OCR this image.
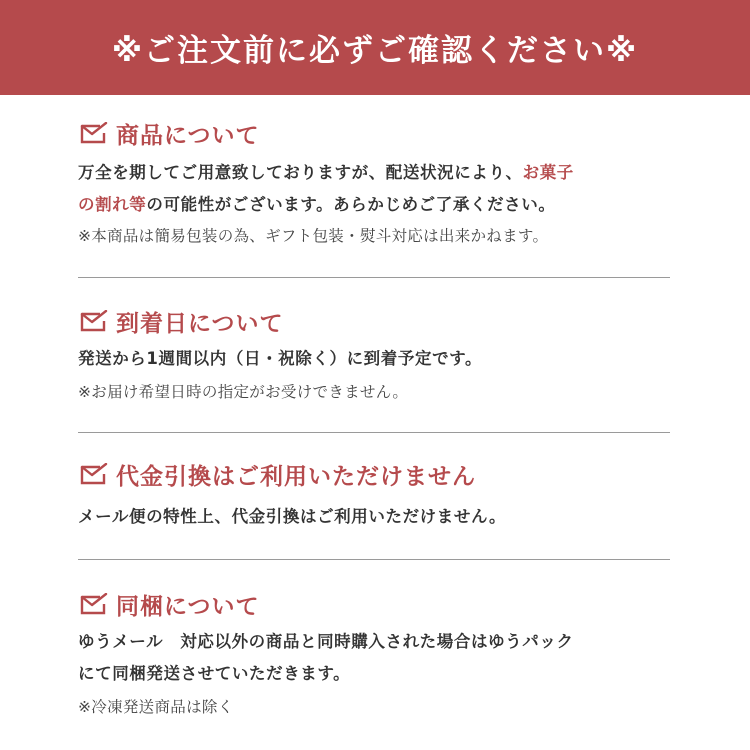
※ご注文前に必ずご確認ください※
商品について
万全を期してご用意致しておりますが、配送状況により、お菓子
の割れ等の可能性がございます。あらかじめご了承ください。
※本商品は簡易包装の為、ギフト包装・熨斗対応は出来かねます。
到着日について
発送から1週間以内（日・祝除く）に到着予定です。
※お届け希望日時の指定がお受けできません。
代金引換はご利用いただけません
メール便の特性上、代金引換はご利用いただけません。
同梱について
ゆうメール　対応以外の商品と同時購入された場合はゆうパック
にて同梱発送させていただきます。
※冷凍発送商品は除く
